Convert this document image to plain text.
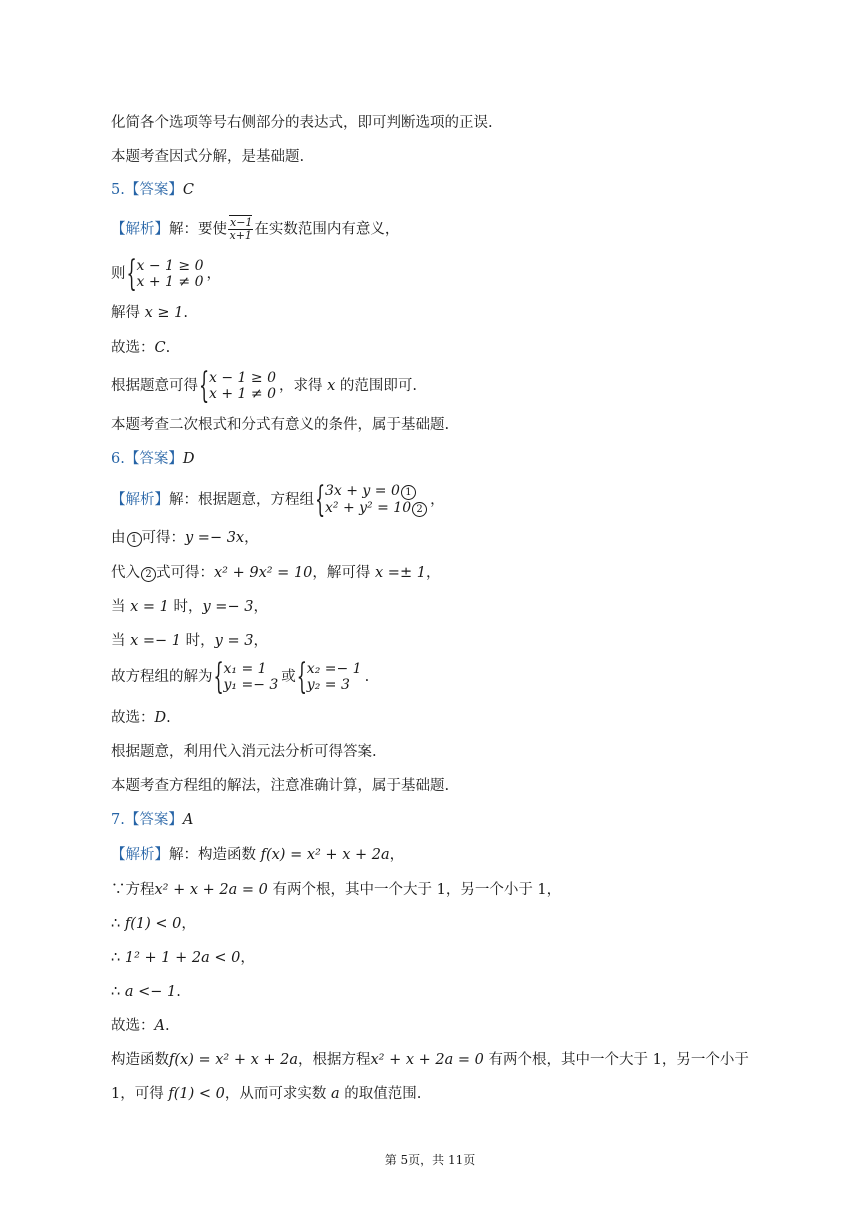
化简各个选项等号右侧部分的表达式，即可判断选项的正误.
本题考查因式分解，是基础题.
5.【答案】C
【解析】解：要使 $\frac{x-1}{x+1}$ 在实数范围内有意义，
则 { x − 1 ≥ 0
x + 1 ≠ 0 ，
解得 x ≥ 1.
故选：C.
根据题意可得 { x − 1 ≥ 0
x + 1 ≠ 0 ，求得 x 的范围即可.
本题考查二次根式和分式有意义的条件，属于基础题.
6.【答案】D
【解析】解：根据题意，方程组
{ 3x + y = 0 1
x² + y² = 10 2
，
由 1 可得：y =− 3x，
代入 2 式可得：x² + 9x² = 10，解可得 x =± 1，
当 x = 1 时，y =− 3，
当 x =− 1 时，y = 3，
故方程组的解为 { x₁ = 1
y₁ =− 3 或 { x₂ =− 1
y₂ = 3	.
故选：D.
根据题意，利用代入消元法分析可得答案.
本题考查方程组的解法，注意准确计算，属于基础题.
7.【答案】A
【解析】解：构造函数 f(x) = x² + x + 2a，
∵方程x² + x + 2a = 0 有两个根，其中一个大于 1，另一个小于 1，
∴ f(1) < 0，
∴ 1² + 1 + 2a < 0，
∴ a <− 1.
故选：A.
构造函数f(x) = x² + x + 2a，根据方程x² + x + 2a = 0 有两个根，其中一个大于 1，另一个小于
1，可得 f(1) < 0，从而可求实数 a 的取值范围.
第 5页，共 11页
